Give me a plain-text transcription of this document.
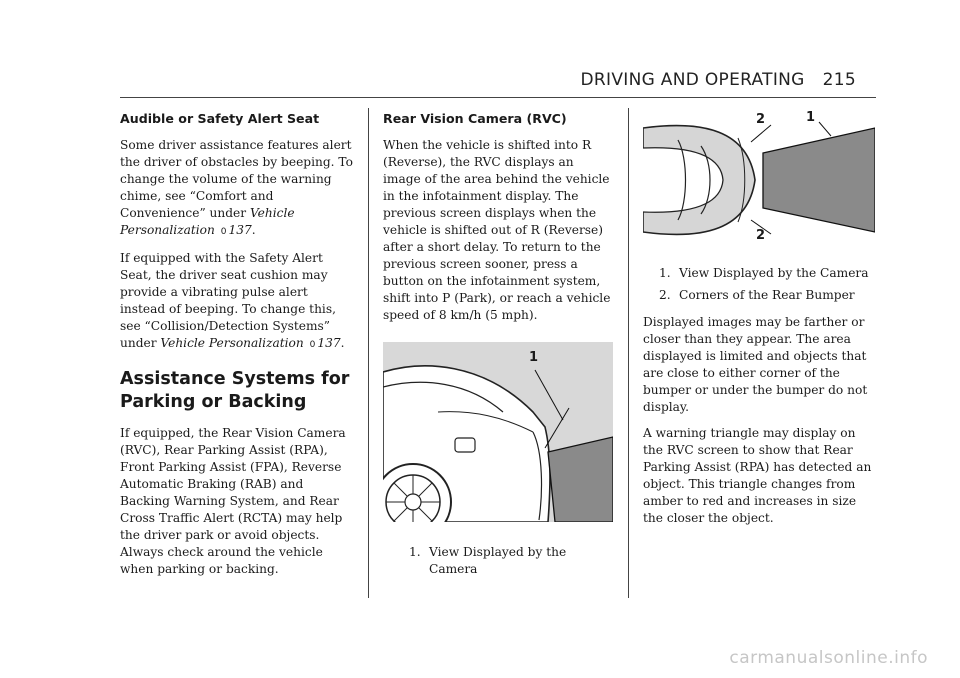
DRIVING AND OPERATING 215
Audible or Safety Alert Seat

Some driver assistance features alert the driver of obstacles by beeping. To change the volume of the warning chime, see “Comfort and Convenience” under Vehicle Personalization 0 137.

If equipped with the Safety Alert Seat, the driver seat cushion may provide a vibrating pulse alert instead of beeping. To change this, see “Collision/Detection Systems” under Vehicle Personalization 0 137.

Assistance Systems for Parking or Backing

If equipped, the Rear Vision Camera (RVC), Rear Parking Assist (RPA), Front Parking Assist (FPA), Reverse Automatic Braking (RAB) and Backing Warning System, and Rear Cross Traffic Alert (RCTA) may help the driver park or avoid objects. Always check around the vehicle when parking or backing.

Rear Vision Camera (RVC)

When the vehicle is shifted into R (Reverse), the RVC displays an image of the area behind the vehicle in the infotainment display. The previous screen displays when the vehicle is shifted out of R (Reverse) after a short delay. To return to the previous screen sooner, press a button on the infotainment system, shift into P (Park), or reach a vehicle speed of 8 km/h (5 mph).

1
1. View Displayed by the Camera
2	1
2
1. View Displayed by the Camera
2. Corners of the Rear Bumper

Displayed images may be farther or closer than they appear. The area displayed is limited and objects that are close to either corner of the bumper or under the bumper do not display.

A warning triangle may display on the RVC screen to show that Rear Parking Assist (RPA) has detected an object. This triangle changes from amber to red and increases in size the closer the object.

carmanualsonline.info
